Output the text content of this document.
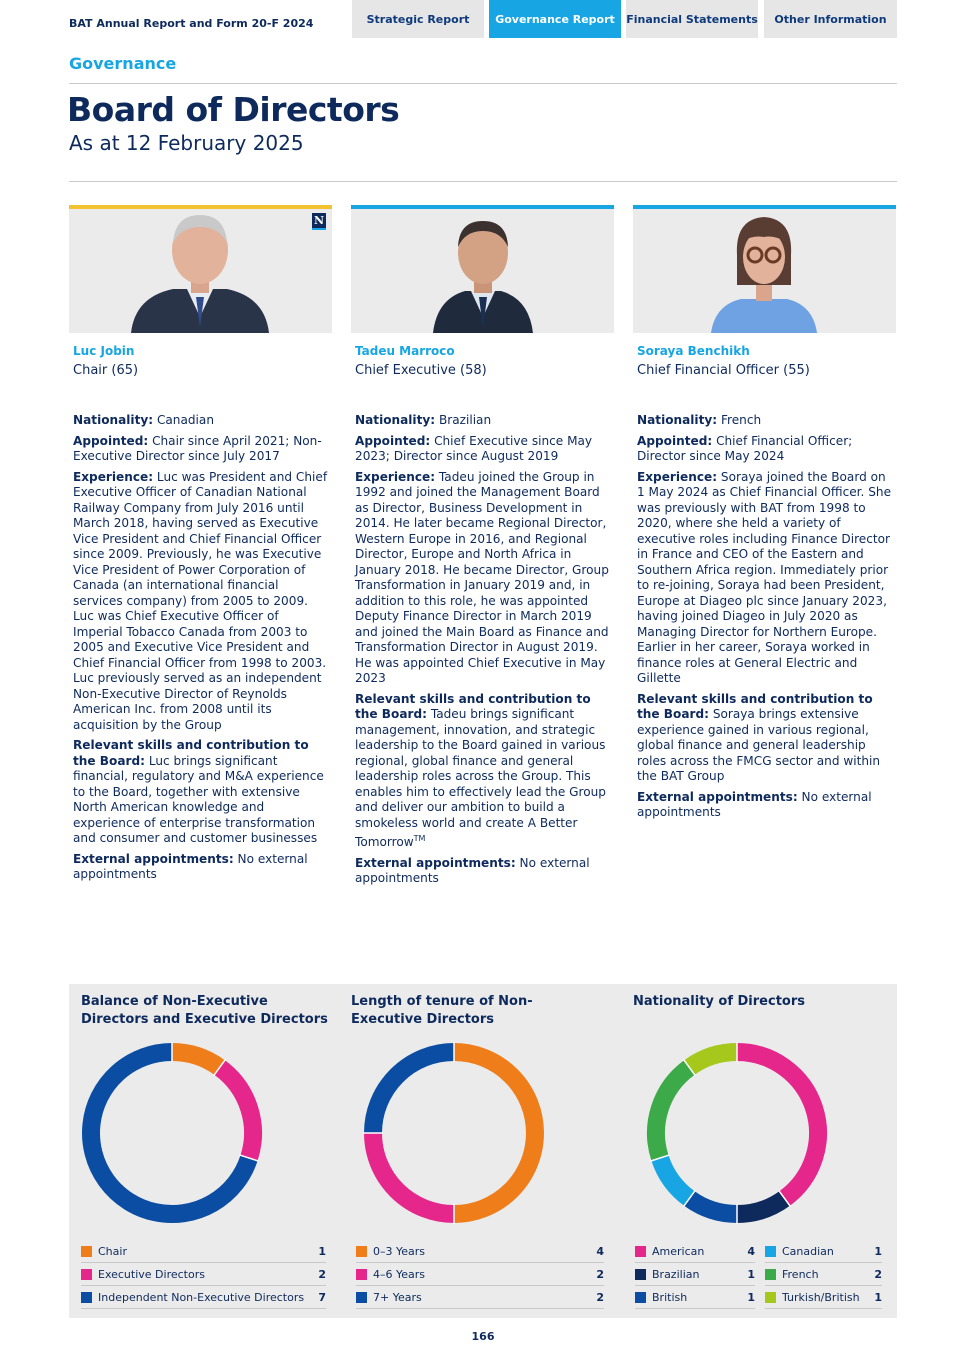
BAT Annual Report and Form 20-F 2024	Strategic Report	Governance Report	Financial Statements	Other Information
Governance
Board of Directors
As at 12 February 2025
N
Luc Jobin
Chair (65)

Nationality: Canadian

Appointed: Chair since April 2021; Non-Executive Director since July 2017

Experience: Luc was President and Chief Executive Officer of Canadian National Railway Company from July 2016 until March 2018, having served as Executive Vice President and Chief Financial Officer since 2009. Previously, he was Executive Vice President of Power Corporation of Canada (an international financial services company) from 2005 to 2009. Luc was Chief Executive Officer of Imperial Tobacco Canada from 2003 to 2005 and Executive Vice President and Chief Financial Officer from 1998 to 2003. Luc previously served as an independent Non-Executive Director of Reynolds American Inc. from 2008 until its acquisition by the Group

Relevant skills and contribution to the Board: Luc brings significant financial, regulatory and M&A experience to the Board, together with extensive North American knowledge and experience of enterprise transformation and consumer and customer businesses

External appointments: No external appointments

Tadeu Marroco
Chief Executive (58)

Nationality: Brazilian

Appointed: Chief Executive since May 2023; Director since August 2019

Experience: Tadeu joined the Group in 1992 and joined the Management Board as Director, Business Development in 2014. He later became Regional Director, Western Europe in 2016, and Regional Director, Europe and North Africa in January 2018. He became Director, Group Transformation in January 2019 and, in addition to this role, he was appointed Deputy Finance Director in March 2019 and joined the Main Board as Finance and Transformation Director in August 2019. He was appointed Chief Executive in May 2023

Relevant skills and contribution to the Board: Tadeu brings significant management, innovation, and strategic leadership to the Board gained in various regional, global finance and general leadership roles across the Group. This enables him to effectively lead the Group and deliver our ambition to build a smokeless world and create A Better Tomorrow™

External appointments: No external appointments

Soraya Benchikh
Chief Financial Officer (55)

Nationality: French

Appointed: Chief Financial Officer; Director since May 2024

Experience: Soraya joined the Board on 1 May 2024 as Chief Financial Officer. She was previously with BAT from 1998 to 2020, where she held a variety of executive roles including Finance Director in France and CEO of the Eastern and Southern Africa region. Immediately prior to re-joining, Soraya had been President, Europe at Diageo plc since January 2023, having joined Diageo in July 2020 as Managing Director for Northern Europe. Earlier in her career, Soraya worked in finance roles at General Electric and Gillette

Relevant skills and contribution to the Board: Soraya brings extensive experience gained in various regional, global finance and general leadership roles across the FMCG sector and within the BAT Group

External appointments: No external appointments

Balance of Non-Executive Directors and Executive Directors
Chair	1
Executive Directors	2
Independent Non-Executive Directors	7
Length of tenure of Non-Executive Directors
0–3 Years	4
4–6 Years	2
7+ Years	2
Nationality of Directors
American	4
Brazilian	1
British	1
Canadian	1
French	2
Turkish/British	1
166
